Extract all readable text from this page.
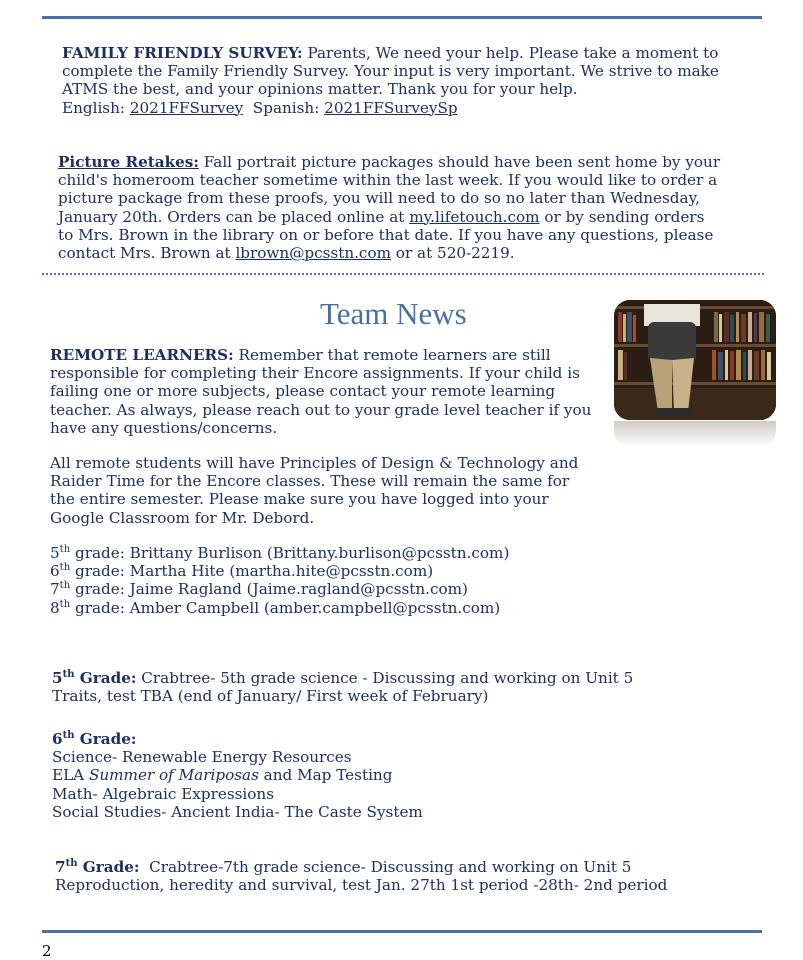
FAMILY FRIENDLY SURVEY: Parents, We need your help. Please take a moment to
complete the Family Friendly Survey. Your input is very important. We strive to make
ATMS the best, and your opinions matter. Thank you for your help.
English: 2021FFSurvey  Spanish: 2021FFSurveySp
Picture Retakes: Fall portrait picture packages should have been sent home by your
child's homeroom teacher sometime within the last week. If you would like to order a
picture package from these proofs, you will need to do so no later than Wednesday,
January 20th. Orders can be placed online at my.lifetouch.com or by sending orders
to Mrs. Brown in the library on or before that date. If you have any questions, please
contact Mrs. Brown at lbrown@pcsstn.com or at 520-2219.
Team News
REMOTE LEARNERS: Remember that remote learners are still
responsible for completing their Encore assignments. If your child is
failing one or more subjects, please contact your remote learning
teacher. As always, please reach out to your grade level teacher if you
have any questions/concerns.
All remote students will have Principles of Design & Technology and
Raider Time for the Encore classes. These will remain the same for
the entire semester. Please make sure you have logged into your
Google Classroom for Mr. Debord.
5th grade: Brittany Burlison (Brittany.burlison@pcsstn.com)
6th grade: Martha Hite (martha.hite@pcsstn.com)
7th grade: Jaime Ragland (Jaime.ragland@pcsstn.com)
8th grade: Amber Campbell (amber.campbell@pcsstn.com)
5th Grade: Crabtree- 5th grade science - Discussing and working on Unit 5
Traits, test TBA (end of January/ First week of February)
6th Grade:
Science- Renewable Energy Resources
ELA Summer of Mariposas and Map Testing
Math- Algebraic Expressions
Social Studies- Ancient India- The Caste System
7th Grade:  Crabtree-7th grade science- Discussing and working on Unit 5
Reproduction, heredity and survival, test Jan. 27th 1st period -28th- 2nd period
2
